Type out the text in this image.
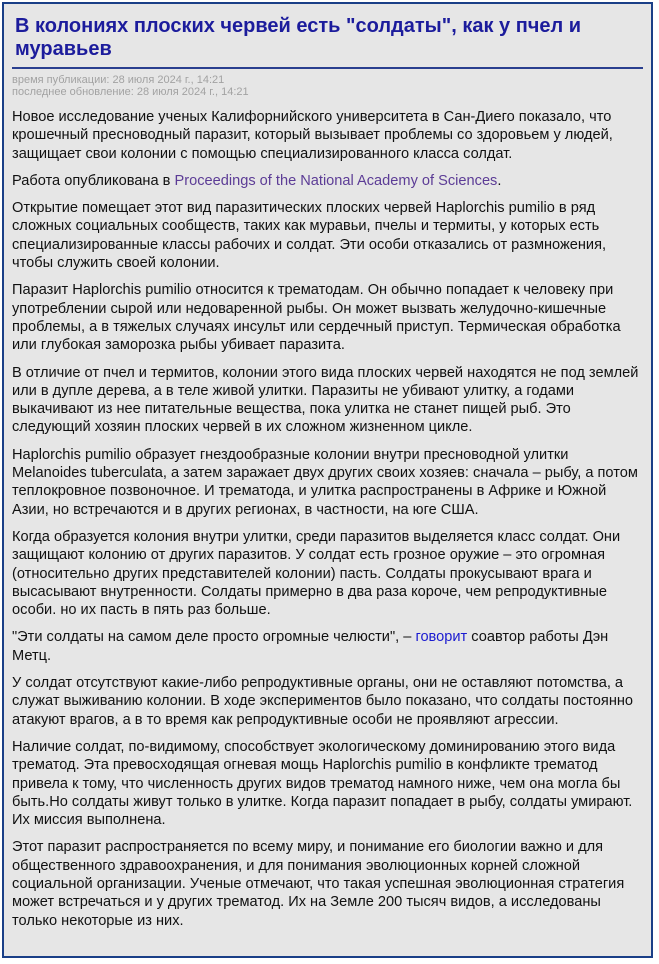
В колониях плоских червей есть "солдаты", как у пчел и муравьев
время публикации: 28 июля 2024 г., 14:21
последнее обновление: 28 июля 2024 г., 14:21

Новое исследование ученых Калифорнийского университета в Сан-Диего показало, что крошечный пресноводный паразит, который вызывает проблемы со здоровьем у людей, защищает свои колонии с помощью специализированного класса солдат.

Работа опубликована в Proceedings of the National Academy of Sciences.

Открытие помещает этот вид паразитических плоских червей Haplorchis pumilio в ряд сложных социальных сообществ, таких как муравьи, пчелы и термиты, у которых есть специализированные классы рабочих и солдат. Эти особи отказались от размножения, чтобы служить своей колонии.

Паразит Haplorchis pumilio относится к трематодам. Он обычно попадает к человеку при употреблении сырой или недоваренной рыбы. Он может вызвать желудочно-кишечные проблемы, а в тяжелых случаях инсульт или сердечный приступ. Термическая обработка или глубокая заморозка рыбы убивает паразита.

В отличие от пчел и термитов, колонии этого вида плоских червей находятся не под землей или в дупле дерева, а в теле живой улитки. Паразиты не убивают улитку, а годами выкачивают из нее питательные вещества, пока улитка не станет пищей рыб. Это следующий хозяин плоских червей в их сложном жизненном цикле.

Haplorchis pumilio образует гнездообразные колонии внутри пресноводной улитки Melanoides tuberculata, а затем заражает двух других своих хозяев: сначала – рыбу, а потом теплокровное позвоночное. И трематода, и улитка распространены в Африке и Южной Азии, но встречаются и в других регионах, в частности, на юге США.

Когда образуется колония внутри улитки, среди паразитов выделяется класс солдат. Они защищают колонию от других паразитов. У солдат есть грозное оружие – это огромная (относительно других представителей колонии) пасть. Солдаты прокусывают врага и высасывают внутренности. Солдаты примерно в два раза короче, чем репродуктивные особи. но их пасть в пять раз больше.

"Эти солдаты на самом деле просто огромные челюсти", – говорит соавтор работы Дэн Метц.

У солдат отсутствуют какие-либо репродуктивные органы, они не оставляют потомства, а служат выживанию колонии. В ходе экспериментов было показано, что солдаты постоянно атакуют врагов, а в то время как репродуктивные особи не проявляют агрессии.

Наличие солдат, по-видимому, способствует экологическому доминированию этого вида трематод. Эта превосходящая огневая мощь Haplorchis pumilio в конфликте трематод привела к тому, что численность других видов трематод намного ниже, чем она могла бы быть.Но солдаты живут только в улитке. Когда паразит попадает в рыбу, солдаты умирают. Их миссия выполнена.

Этот паразит распространяется по всему миру, и понимание его биологии важно и для общественного здравоохранения, и для понимания эволюционных корней сложной социальной организации. Ученые отмечают, что такая успешная эволюционная стратегия может встречаться и у других трематод. Их на Земле 200 тысяч видов, а исследованы только некоторые из них.
